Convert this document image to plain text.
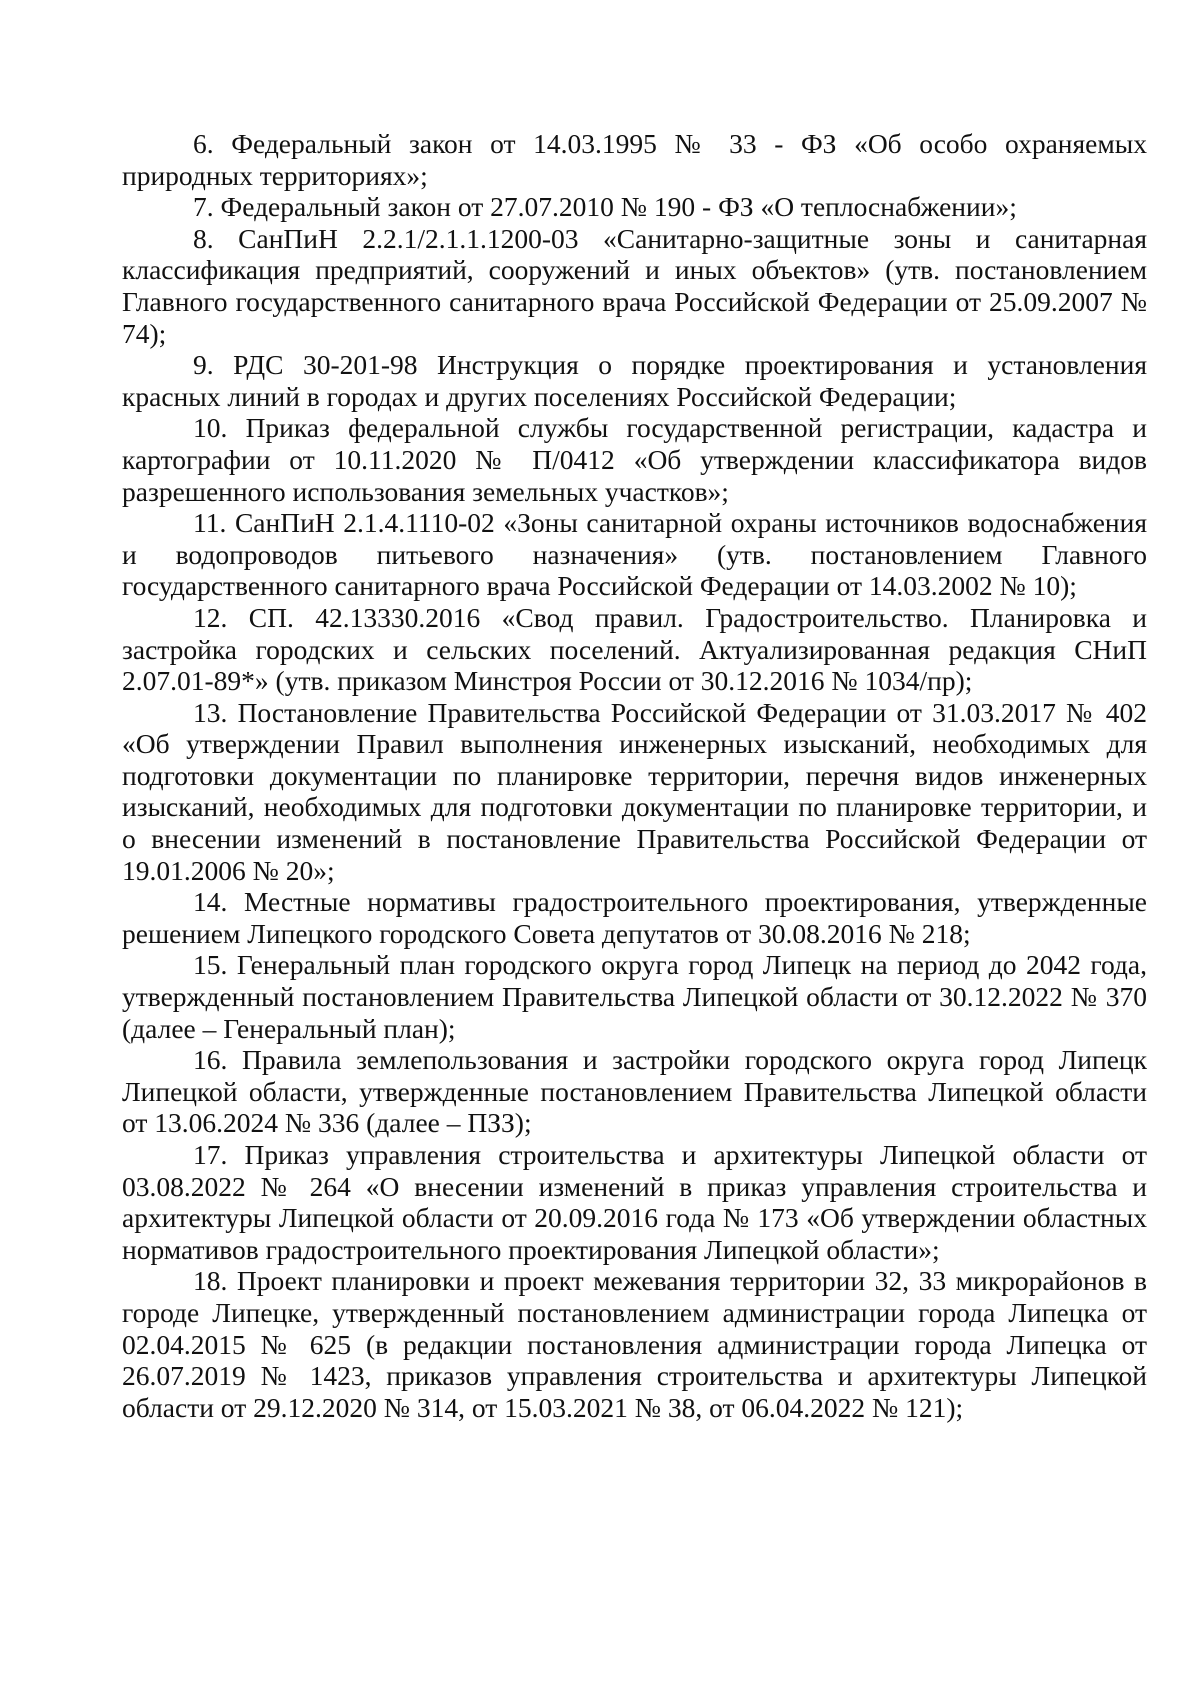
6. Федеральный закон от 14.03.1995 № 33 - ФЗ «Об особо охраняемых природных территориях»;

7. Федеральный закон от 27.07.2010 № 190 - ФЗ «О теплоснабжении»;

8. СанПиН 2.2.1/2.1.1.1200-03 «Санитарно-защитные зоны и санитарная классификация предприятий, сооружений и иных объектов» (утв. постановлением Главного государственного санитарного врача Российской Федерации от 25.09.2007 № 74);

9. РДС 30-201-98 Инструкция о порядке проектирования и установления красных линий в городах и других поселениях Российской Федерации;

10. Приказ федеральной службы государственной регистрации, кадастра и картографии от 10.11.2020 № П/0412 «Об утверждении классификатора видов разрешенного использования земельных участков»;

11. СанПиН 2.1.4.1110-02 «Зоны санитарной охраны источников водоснабжения и водопроводов питьевого назначения» (утв. постановлением Главного государственного санитарного врача Российской Федерации от 14.03.2002 № 10);

12. СП. 42.13330.2016 «Свод правил. Градостроительство. Планировка и застройка городских и сельских поселений. Актуализированная редакция СНиП 2.07.01-89*» (утв. приказом Минстроя России от 30.12.2016 № 1034/пр);

13. Постановление Правительства Российской Федерации от 31.03.2017 № 402 «Об утверждении Правил выполнения инженерных изысканий, необходимых для подготовки документации по планировке территории, перечня видов инженерных изысканий, необходимых для подготовки документации по планировке территории, и о внесении изменений в постановление Правительства Российской Федерации от 19.01.2006 № 20»;

14. Местные нормативы градостроительного проектирования, утвержденные решением Липецкого городского Совета депутатов от 30.08.2016 № 218;

15. Генеральный план городского округа город Липецк на период до 2042 года, утвержденный постановлением Правительства Липецкой области от 30.12.2022 № 370 (далее – Генеральный план);

16. Правила землепользования и застройки городского округа город Липецк Липецкой области, утвержденные постановлением Правительства Липецкой области от 13.06.2024 № 336 (далее – ПЗЗ);

17. Приказ управления строительства и архитектуры Липецкой области от 03.08.2022 № 264 «О внесении изменений в приказ управления строительства и архитектуры Липецкой области от 20.09.2016 года № 173 «Об утверждении областных нормативов градостроительного проектирования Липецкой области»;

18. Проект планировки и проект межевания территории 32, 33 микрорайонов в городе Липецке, утвержденный постановлением администрации города Липецка от 02.04.2015 № 625 (в редакции постановления администрации города Липецка от 26.07.2019 № 1423, приказов управления строительства и архитектуры Липецкой области от 29.12.2020 № 314, от 15.03.2021 № 38, от 06.04.2022 № 121);
